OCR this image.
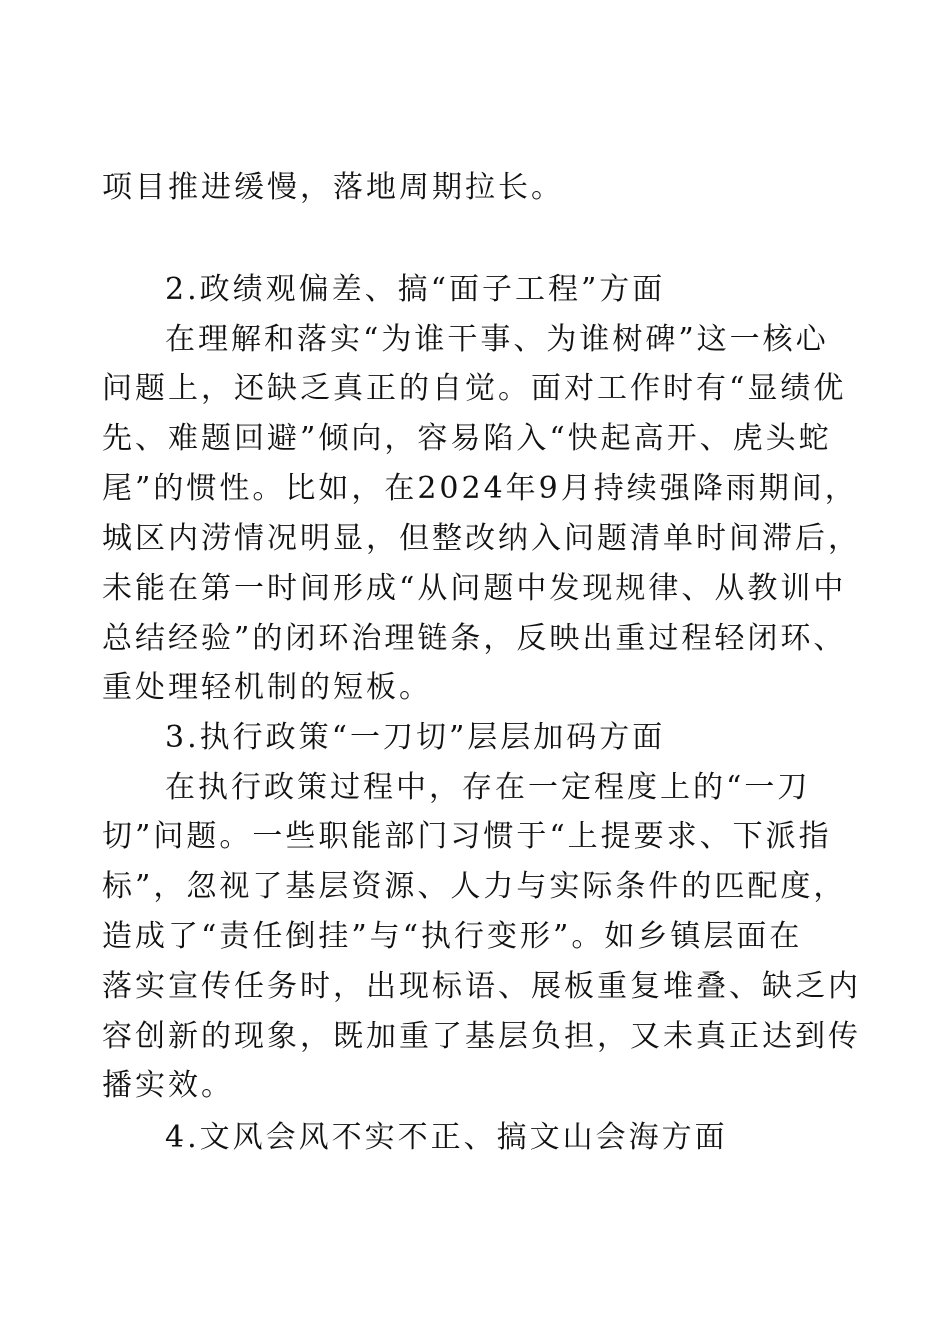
项目推进缓慢，落地周期拉长。
2.政绩观偏差、搞“面子工程”方面
在理解和落实“为谁干事、为谁树碑”这一核心
问题上，还缺乏真正的自觉。面对工作时有“显绩优
先、难题回避”倾向，容易陷入“快起高开、虎头蛇
尾”的惯性。比如，在2024年9月持续强降雨期间，
城区内涝情况明显，但整改纳入问题清单时间滞后，
未能在第一时间形成“从问题中发现规律、从教训中
总结经验”的闭环治理链条，反映出重过程轻闭环、
重处理轻机制的短板。
3.执行政策“一刀切”层层加码方面
在执行政策过程中，存在一定程度上的“一刀
切”问题。一些职能部门习惯于“上提要求、下派指
标”，忽视了基层资源、人力与实际条件的匹配度，
造成了“责任倒挂”与“执行变形”。如乡镇层面在
落实宣传任务时，出现标语、展板重复堆叠、缺乏内
容创新的现象，既加重了基层负担，又未真正达到传
播实效。
4.文风会风不实不正、搞文山会海方面
